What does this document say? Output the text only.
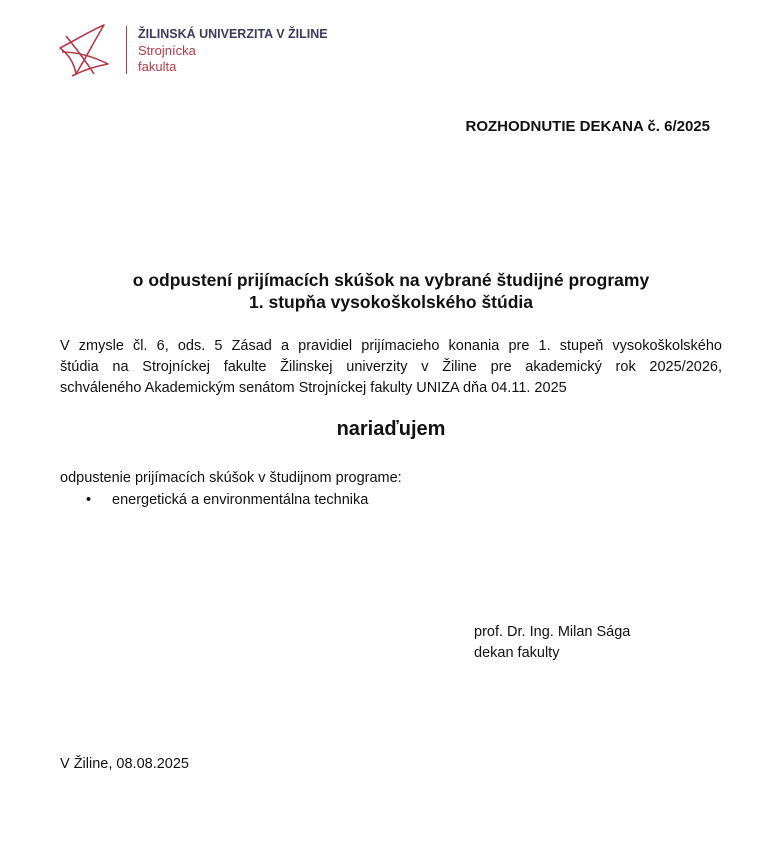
ŽILINSKÁ UNIVERZITA V ŽILINE
Strojnícka
fakulta
ROZHODNUTIE DEKANA č. 6/2025
o odpustení prijímacích skúšok na vybrané študijné programy
1. stupňa vysokoškolského štúdia
V zmysle čl. 6, ods. 5 Zásad a pravidiel prijímacieho konania pre 1. stupeň vysokoškolského
štúdia na Strojníckej fakulte Žilinskej univerzity v Žiline pre akademický rok 2025/2026,
schváleného Akademickým senátom Strojníckej fakulty UNIZA dňa 04.11. 2025
nariaďujem
odpustenie prijímacích skúšok v študijnom programe:
• energetická a environmentálna technika
prof. Dr. Ing. Milan Sága
dekan fakulty
V Žiline, 08.08.2025
